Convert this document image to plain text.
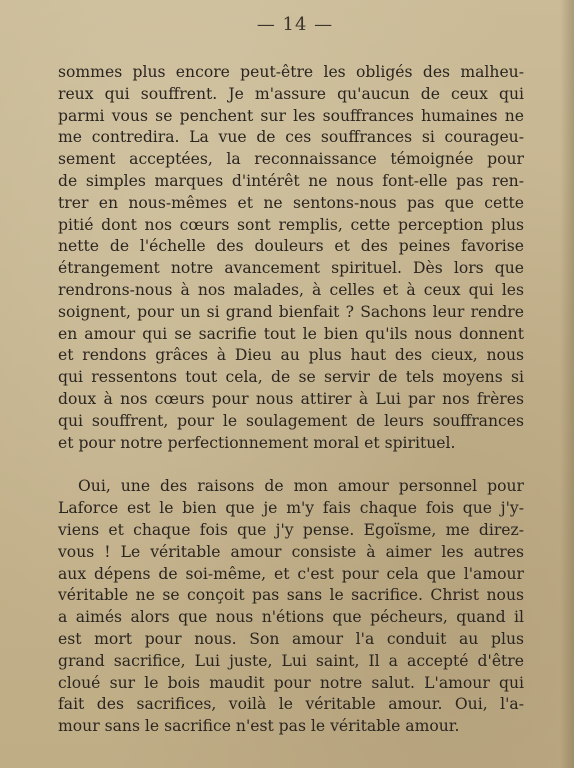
— 14 —
sommes plus encore peut-être les obligés des malheu-
reux qui souffrent. Je m'assure qu'aucun de ceux qui
parmi vous se penchent sur les souffrances humaines ne
me contredira. La vue de ces souffrances si courageu-
sement acceptées, la reconnaissance témoignée pour
de simples marques d'intérêt ne nous font-elle pas ren-
trer en nous-mêmes et ne sentons-nous pas que cette
pitié dont nos cœurs sont remplis, cette perception plus
nette de l'échelle des douleurs et des peines favorise
étrangement notre avancement spirituel. Dès lors que
rendrons-nous à nos malades, à celles et à ceux qui les
soignent, pour un si grand bienfait ? Sachons leur rendre
en amour qui se sacrifie tout le bien qu'ils nous donnent
et rendons grâces à Dieu au plus haut des cieux, nous
qui ressentons tout cela, de se servir de tels moyens si
doux à nos cœurs pour nous attirer à Lui par nos frères
qui souffrent, pour le soulagement de leurs souffrances
et pour notre perfectionnement moral et spirituel.
Oui, une des raisons de mon amour personnel pour
Laforce est le bien que je m'y fais chaque fois que j'y-
viens et chaque fois que j'y pense. Egoïsme, me direz-
vous ! Le véritable amour consiste à aimer les autres
aux dépens de soi-même, et c'est pour cela que l'amour
véritable ne se conçoit pas sans le sacrifice. Christ nous
a aimés alors que nous n'étions que pécheurs, quand il
est mort pour nous. Son amour l'a conduit au plus
grand sacrifice, Lui juste, Lui saint, Il a accepté d'être
cloué sur le bois maudit pour notre salut. L'amour qui
fait des sacrifices, voilà le véritable amour. Oui, l'a-
mour sans le sacrifice n'est pas le véritable amour.
